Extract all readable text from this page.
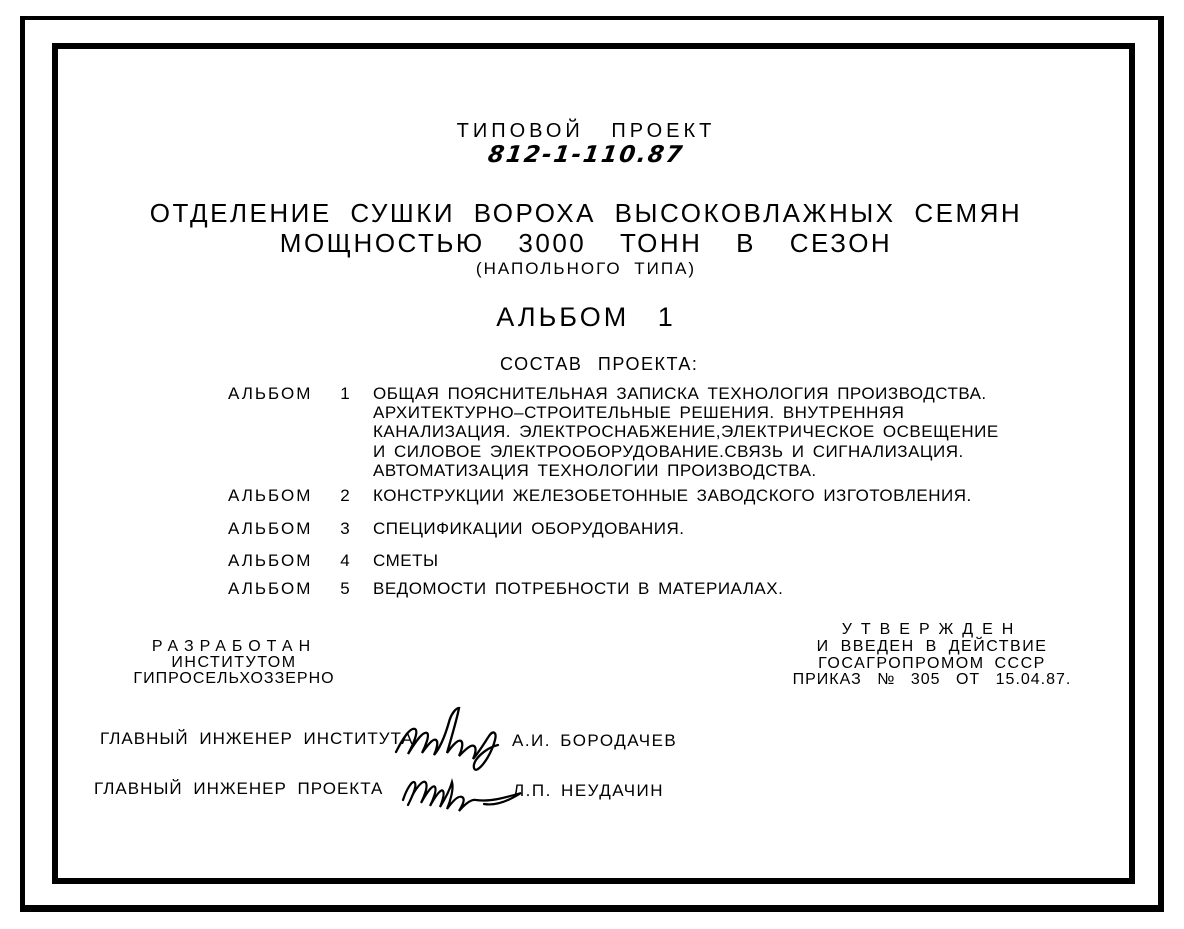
ТИПОВОЙ ПРОЕКТ
812-1-110.87
ОТДЕЛЕНИЕ СУШКИ ВОРОХА ВЫСОКОВЛАЖНЫХ СЕМЯН
МОЩНОСТЬЮ 3000 ТОНН В СЕЗОН
(НАПОЛЬНОГО ТИПА)
АЛЬБОМ 1
СОСТАВ ПРОЕКТА:
АЛЬБОМ	1	ОБЩАЯ ПОЯСНИТЕЛЬНАЯ ЗАПИСКА ТЕХНОЛОГИЯ ПРОИЗВОДСТВА.
АРХИТЕКТУРНО–СТРОИТЕЛЬНЫЕ РЕШЕНИЯ. ВНУТРЕННЯЯ
КАНАЛИЗАЦИЯ. ЭЛЕКТРОСНАБЖЕНИЕ,ЭЛЕКТРИЧЕСКОЕ ОСВЕЩЕНИЕ
И СИЛОВОЕ ЭЛЕКТРООБОРУДОВАНИЕ.СВЯЗЬ И СИГНАЛИЗАЦИЯ.
АВТОМАТИЗАЦИЯ ТЕХНОЛОГИИ ПРОИЗВОДСТВА.
АЛЬБОМ	2	КОНСТРУКЦИИ ЖЕЛЕЗОБЕТОННЫЕ ЗАВОДСКОГО ИЗГОТОВЛЕНИЯ.
АЛЬБОМ	3	СПЕЦИФИКАЦИИ ОБОРУДОВАНИЯ.
АЛЬБОМ	4	СМЕТЫ
АЛЬБОМ	5	ВЕДОМОСТИ ПОТРЕБНОСТИ В МАТЕРИАЛАХ.
РАЗРАБОТАН
ИНСТИТУТОМ
ГИПРОСЕЛЬХОЗЗЕРНО
УТВЕРЖДЕН
И ВВЕДЕН В ДЕЙСТВИЕ
ГОСАГРОПРОМОМ СССР
ПРИКАЗ № 305 ОТ 15.04.87.
ГЛАВНЫЙ ИНЖЕНЕР ИНСТИТУТА	А.И. БОРОДАЧЕВ
ГЛАВНЫЙ ИНЖЕНЕР ПРОЕКТА	Л.П. НЕУДАЧИН
